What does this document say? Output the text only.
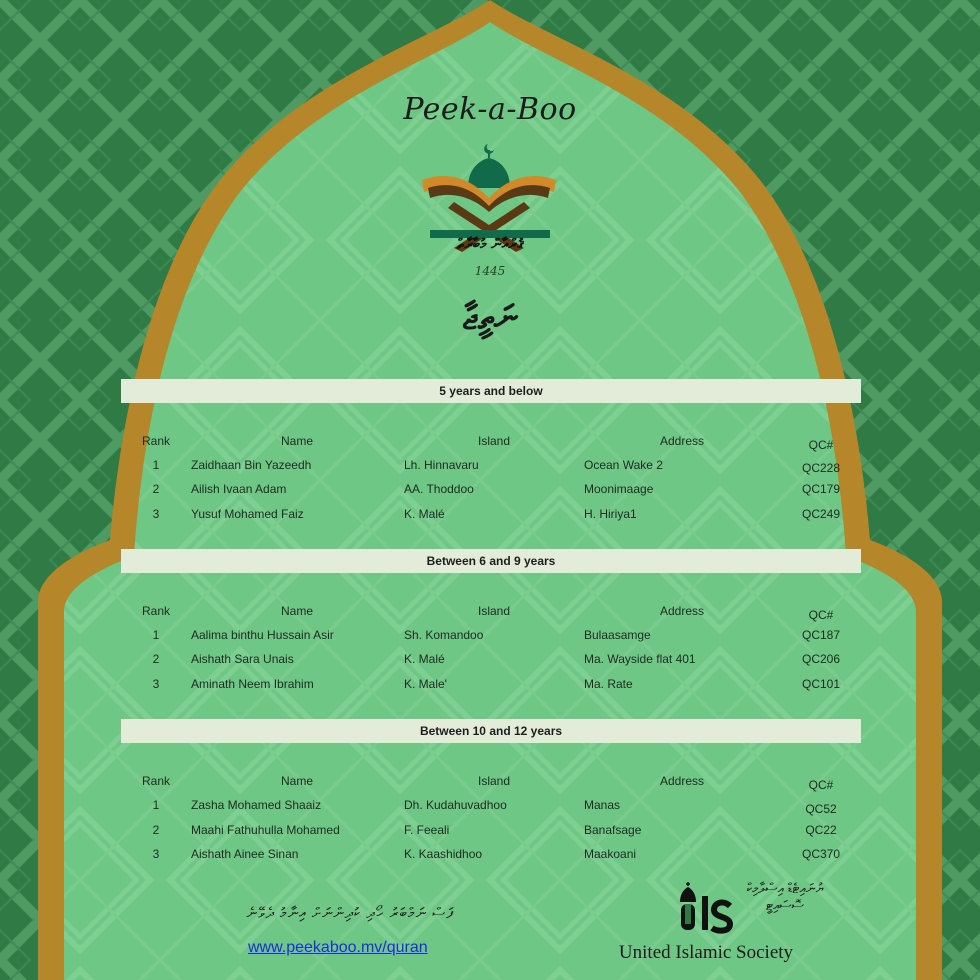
Peek-a-Boo
ޤުރްއާން މުބާރާތް
1445
ނަތީޖާ
5 years and below
Rank	Name	Island	Address	QC#
1	Zaidhaan Bin Yazeedh	Lh. Hinnavaru	Ocean Wake 2	QC228
2	Ailish Ivaan Adam	AA. Thoddoo	Moonimaage	QC179
3	Yusuf Mohamed Faiz	K. Malé	H. Hiriya1	QC249
Between 6 and 9 years
Rank	Name	Island	Address	QC#
1	Aalima binthu Hussain Asir	Sh. Komandoo	Bulaasamge	QC187
2	Aishath Sara Unais	K. Malé	Ma. Wayside flat 401	QC206
3	Aminath Neem Ibrahim	K. Male'	Ma. Rate	QC101
Between 10 and 12 years
Rank	Name	Island	Address	QC#
1	Zasha Mohamed Shaaiz	Dh. Kudahuvadhoo	Manas	QC52
2	Maahi Fathuhulla Mohamed	F. Feeali	Banafsage	QC22
3	Aishath Ainee Sinan	K. Kaashidhoo	Maakoani	QC370
ފަސް ނަމްބަރު ހޯދި ކުދިންނަށް އިނާމު ދެވޭނެ
www.peekaboo.mv/quran
ޔުނައިޓެޑް އިސްލާމިކް ސޮސައިޓީ
United Islamic Society
